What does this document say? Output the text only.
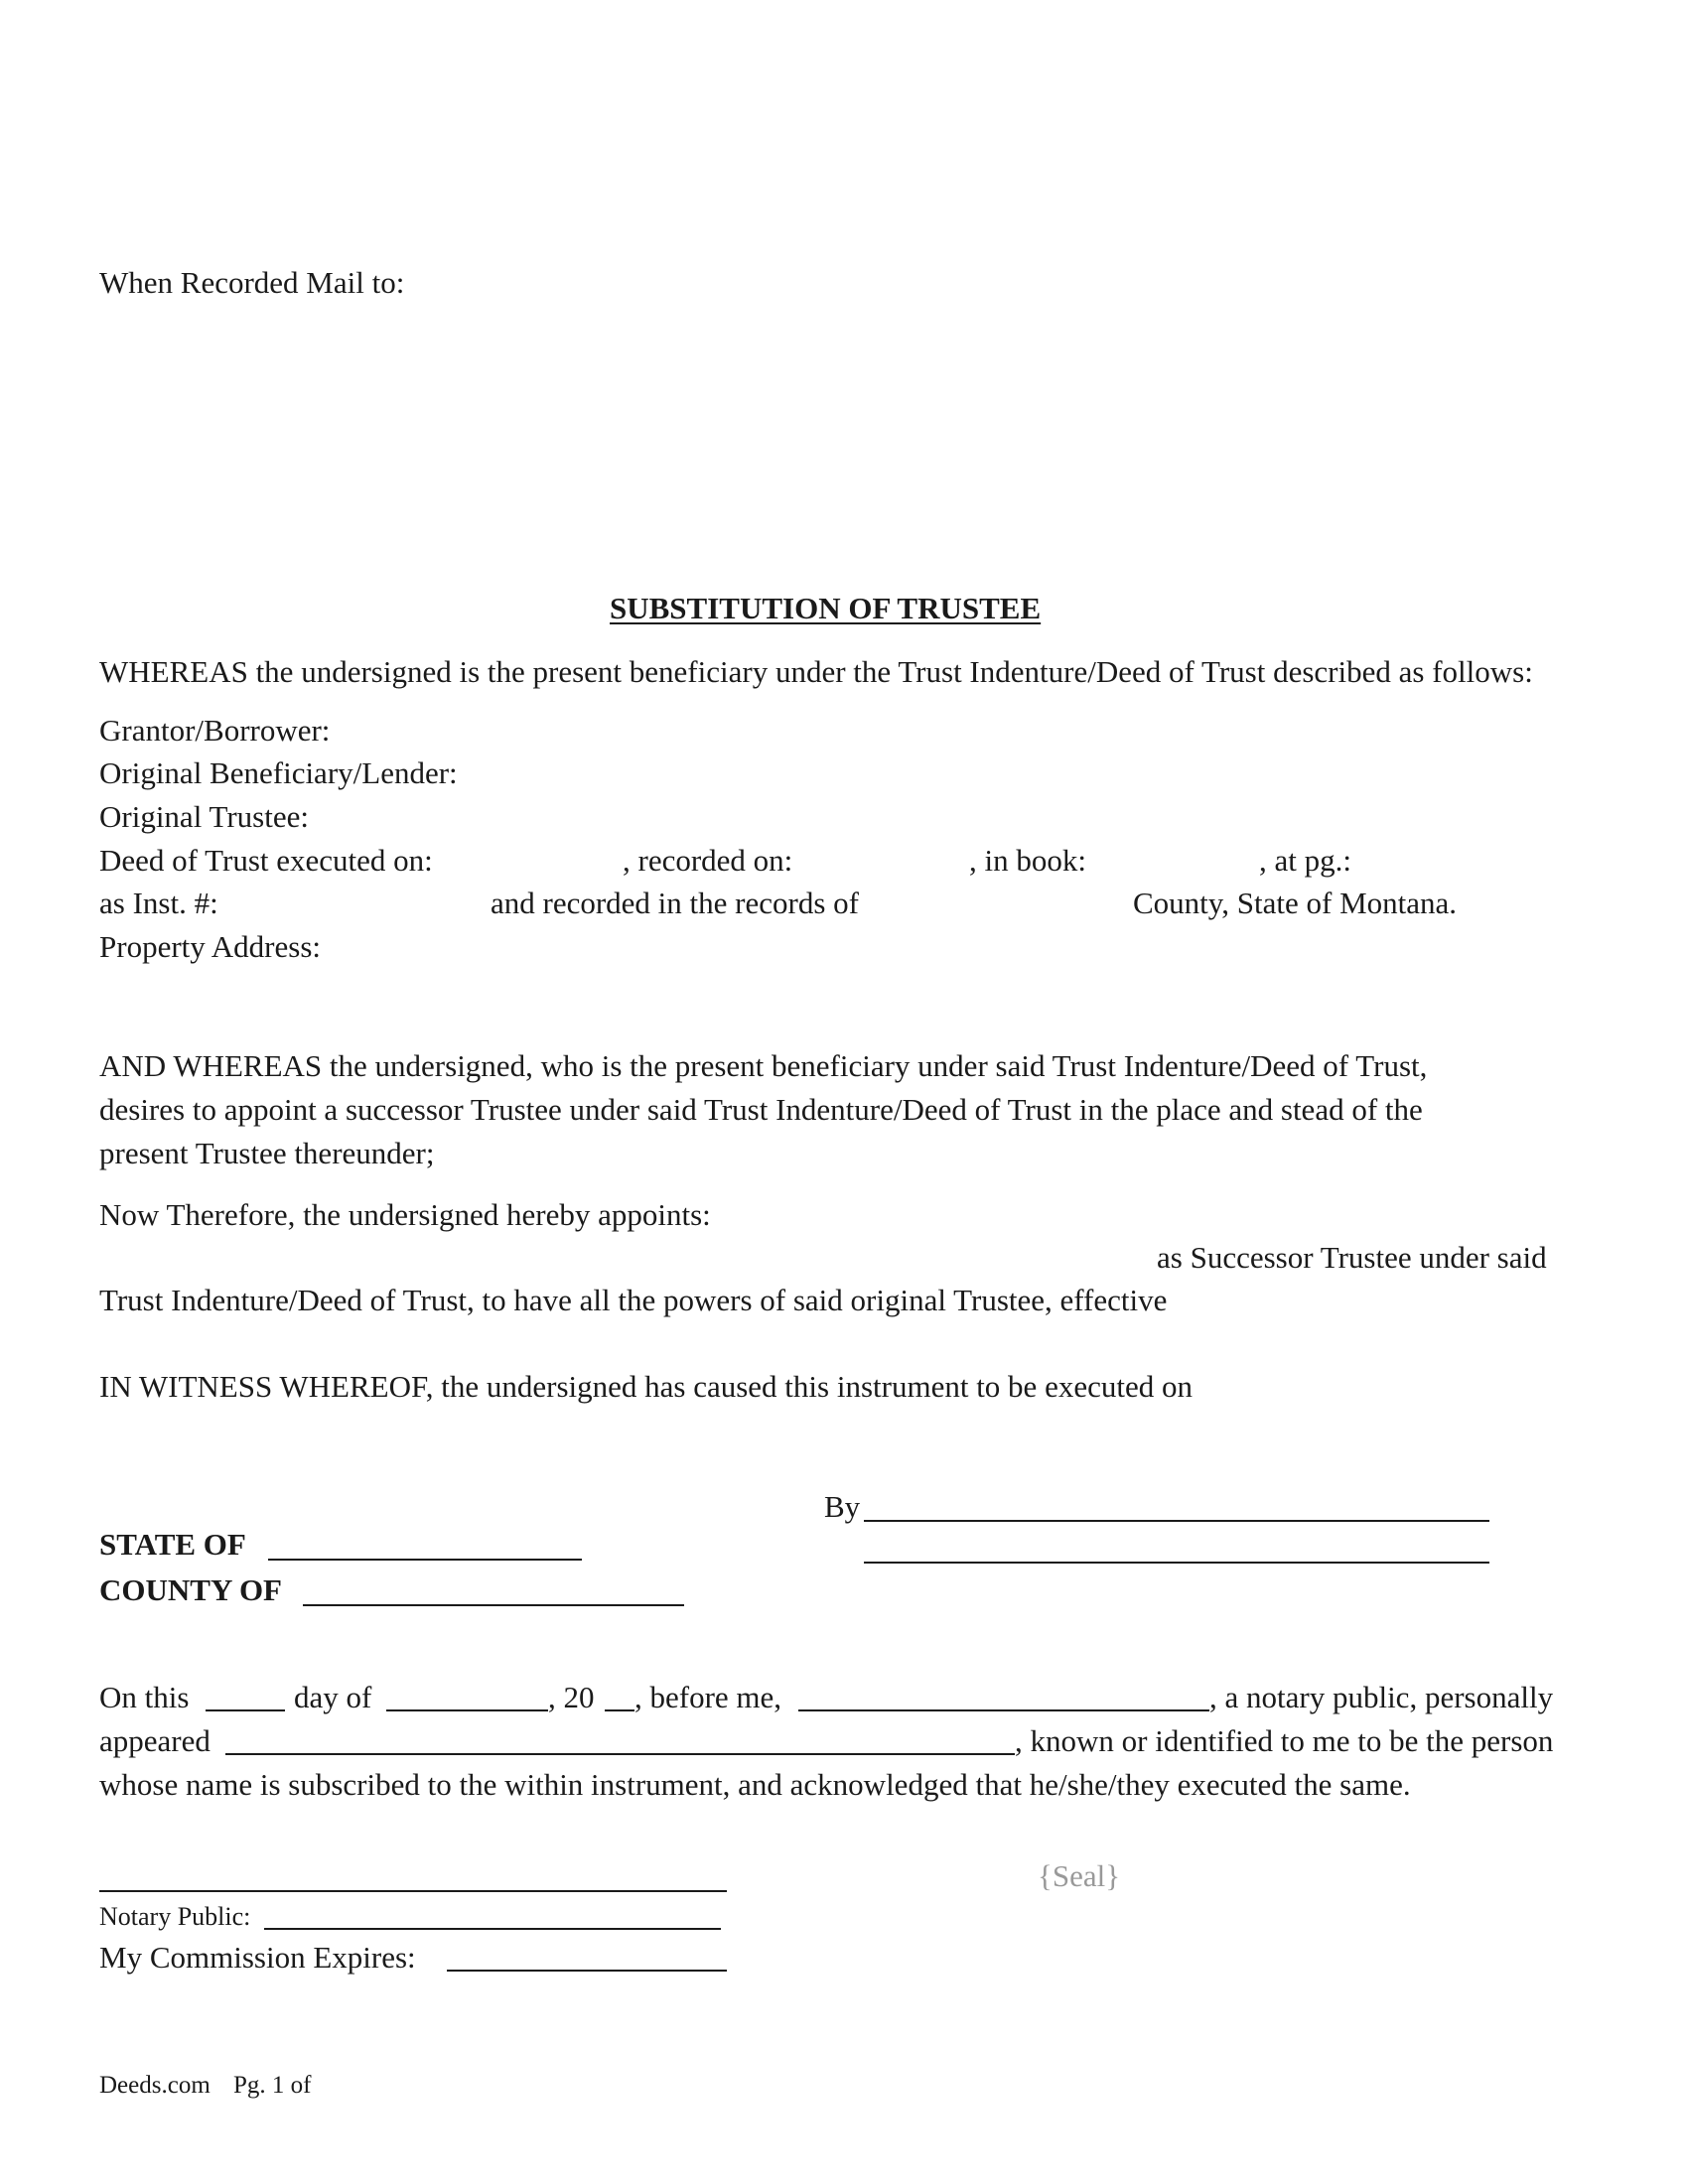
When Recorded Mail to:
SUBSTITUTION OF TRUSTEE
WHEREAS the undersigned is the present beneficiary under the Trust Indenture/Deed of Trust described as follows:
Grantor/Borrower:
Original Beneficiary/Lender:
Original Trustee:
Deed of Trust executed on:	, recorded on:	, in book:	, at pg.:
as Inst. #:	and recorded in the records of	County, State of Montana.
Property Address:
AND WHEREAS the undersigned, who is the present beneficiary under said Trust Indenture/Deed of Trust,
desires to appoint a successor Trustee under said Trust Indenture/Deed of Trust in the place and stead of the
present Trustee thereunder;
Now Therefore, the undersigned hereby appoints:
as Successor Trustee under said
Trust Indenture/Deed of Trust, to have all the powers of said original Trustee, effective
IN WITNESS WHEREOF, the undersigned has caused this instrument to be executed on
By
STATE OF
COUNTY OF
On this	day of	, 20 , before me,	, a notary public, personally
appeared	, known or identified to me to be the person
whose name is subscribed to the within instrument, and acknowledged that he/she/they executed the same.
{Seal}
Notary Public:
My Commission Expires:
Deeds.com Pg. 1 of
